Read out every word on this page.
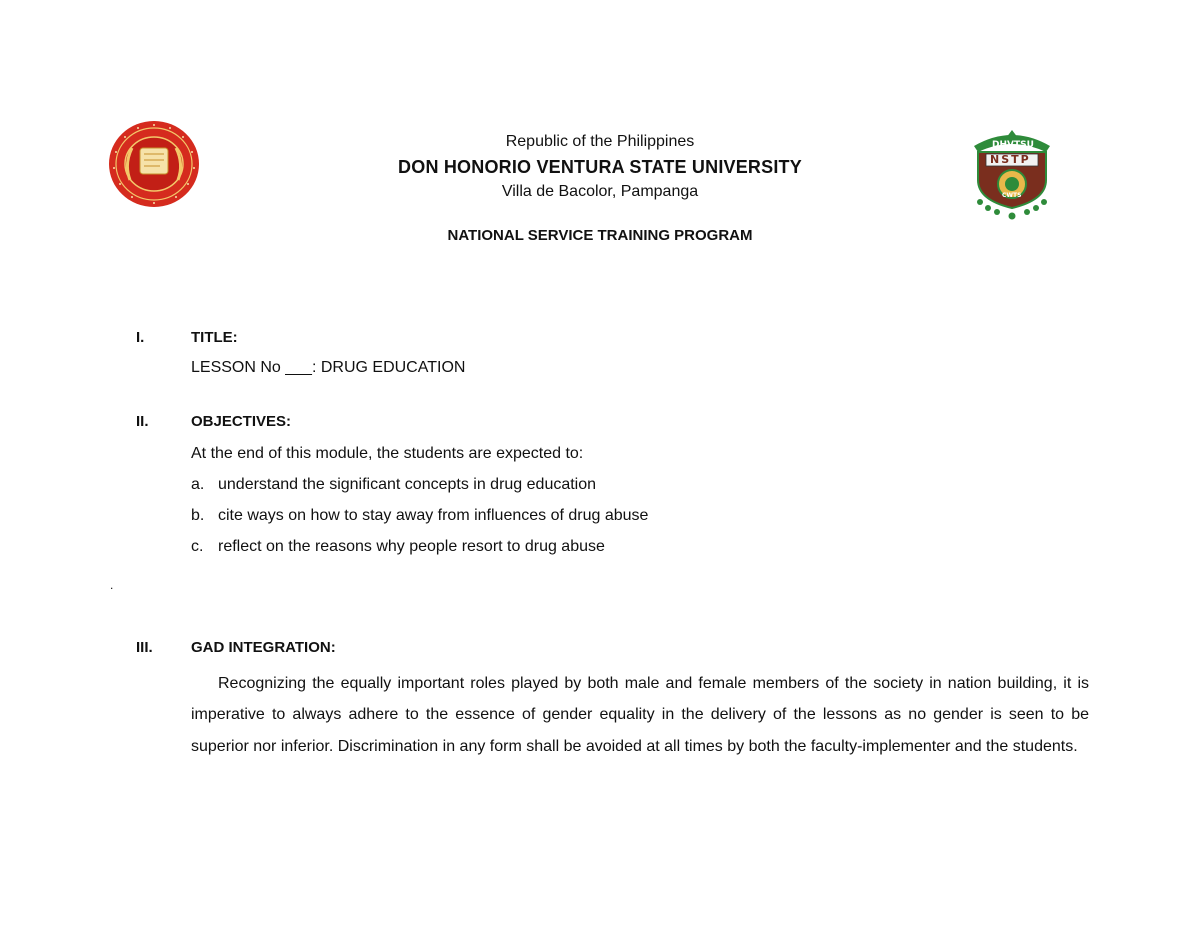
DHVTSU
NSTP
CWTS
Republic of the Philippines
DON HONORIO VENTURA STATE UNIVERSITY
Villa de Bacolor, Pampanga
NATIONAL SERVICE TRAINING PROGRAM
I.	TITLE:
LESSON No ___: DRUG EDUCATION
II.	OBJECTIVES:
At the end of this module, the students are expected to:
a. understand the significant concepts in drug education
b. cite ways on how to stay away from influences of drug abuse
c. reflect on the reasons why people resort to drug abuse
.
III.	GAD INTEGRATION:
Recognizing the equally important roles played by both male and female members of the society in nation building, it is imperative to always adhere to the essence of gender equality in the delivery of the lessons as no gender is seen to be superior nor inferior. Discrimination in any form shall be avoided at all times by both the faculty-implementer and the students.
